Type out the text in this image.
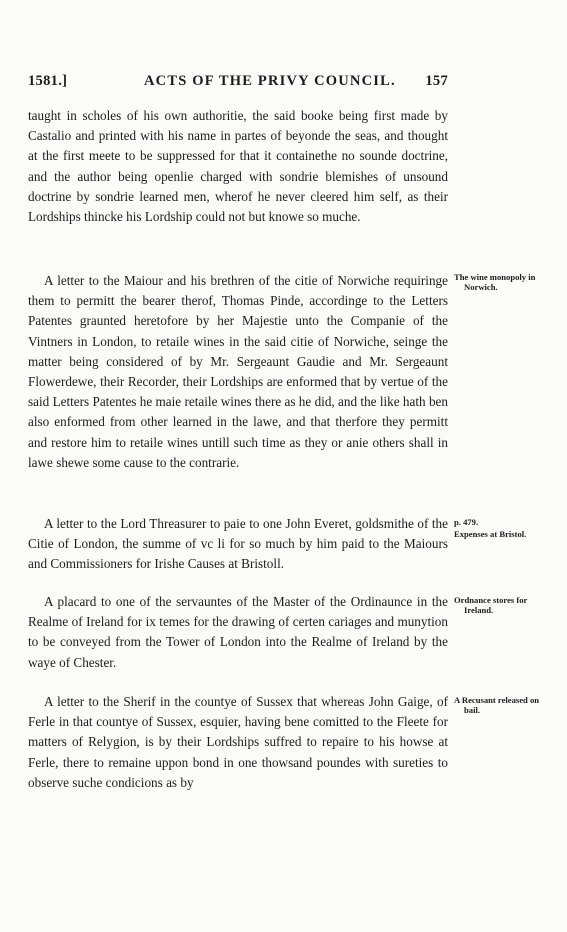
1581.]	ACTS OF THE PRIVY COUNCIL. 157

taught in scholes of his own authoritie, the said booke being first made by Castalio and printed with his name in partes of beyonde the seas, and thought at the first meete to be suppressed for that it containethe no sounde doctrine, and the author being openlie charged with sondrie blemishes of unsound doctrine by sondrie learned men, wherof he never cleered him self, as their Lordships thincke his Lordship could not but knowe so muche.

A letter to the Maiour and his brethren of the citie of Norwiche requiringe them to permitt the bearer therof, Thomas Pinde, accordinge to the Letters Patentes graunted heretofore by her Majestie unto the Companie of the Vintners in London, to retaile wines in the said citie of Norwiche, seinge the matter being considered of by Mr. Sergeaunt Gaudie and Mr. Sergeaunt Flowerdewe, their Recorder, their Lordships are enformed that by vertue of the said Letters Patentes he maie retaile wines there as he did, and the like hath ben also enformed from other learned in the lawe, and that therfore they permitt and restore him to retaile wines untill such time as they or anie others shall in lawe shewe some cause to the contrarie.

The wine monopoly in Norwich.

A letter to the Lord Threasurer to paie to one John Everet, goldsmithe of the Citie of London, the summe of vc li for so much by him paid to the Maiours and Commissioners for Irishe Causes at Bristoll.

p. 479.
Expenses at Bristol.

A placard to one of the servauntes of the Master of the Ordinaunce in the Realme of Ireland for ix temes for the drawing of certen cariages and munytion to be conveyed from the Tower of London into the Realme of Ireland by the waye of Chester.

Ordnance stores for Ireland.

A letter to the Sherif in the countye of Sussex that whereas John Gaige, of Ferle in that countye of Sussex, esquier, having bene comitted to the Fleete for matters of Relygion, is by their Lordships suffred to repaire to his howse at Ferle, there to remaine uppon bond in one thowsand poundes with sureties to observe suche condicions as by

A Recusant released on bail.
